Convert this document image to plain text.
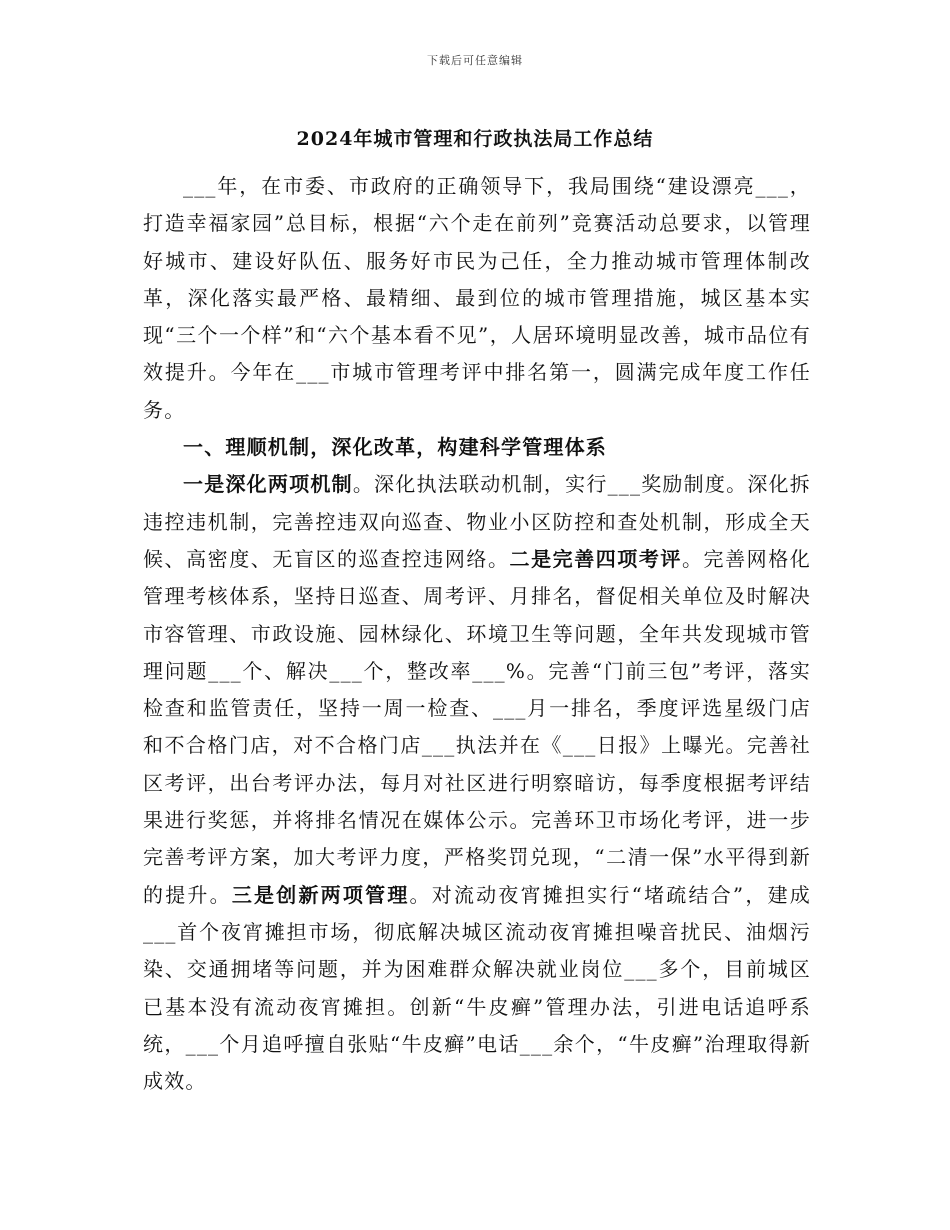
下载后可任意编辑
2024年城市管理和行政执法局工作总结

___年，在市委、市政府的正确领导下，我局围绕“建设漂亮___，打造幸福家园”总目标，根据“六个走在前列”竞赛活动总要求，以管理好城市、建设好队伍、服务好市民为己任，全力推动城市管理体制改革，深化落实最严格、最精细、最到位的城市管理措施，城区基本实现“三个一个样”和“六个基本看不见”，人居环境明显改善，城市品位有效提升。今年在___市城市管理考评中排名第一，圆满完成年度工作任务。

一、理顺机制，深化改革，构建科学管理体系

一是深化两项机制。深化执法联动机制，实行___奖励制度。深化拆违控违机制，完善控违双向巡查、物业小区防控和查处机制，形成全天候、高密度、无盲区的巡查控违网络。二是完善四项考评。完善网格化管理考核体系，坚持日巡查、周考评、月排名，督促相关单位及时解决市容管理、市政设施、园林绿化、环境卫生等问题，全年共发现城市管理问题___个、解决___个，整改率___%。完善“门前三包”考评，落实检查和监管责任，坚持一周一检查、___月一排名，季度评选星级门店和不合格门店，对不合格门店___执法并在《___日报》上曝光。完善社区考评，出台考评办法，每月对社区进行明察暗访，每季度根据考评结果进行奖惩，并将排名情况在媒体公示。完善环卫市场化考评，进一步完善考评方案，加大考评力度，严格奖罚兑现，“二清一保”水平得到新的提升。三是创新两项管理。对流动夜宵摊担实行“堵疏结合”，建成___首个夜宵摊担市场，彻底解决城区流动夜宵摊担噪音扰民、油烟污染、交通拥堵等问题，并为困难群众解决就业岗位___多个，目前城区已基本没有流动夜宵摊担。创新“牛皮癣”管理办法，引进电话追呼系统，___个月追呼擅自张贴“牛皮癣”电话___余个，“牛皮癣”治理取得新成效。
